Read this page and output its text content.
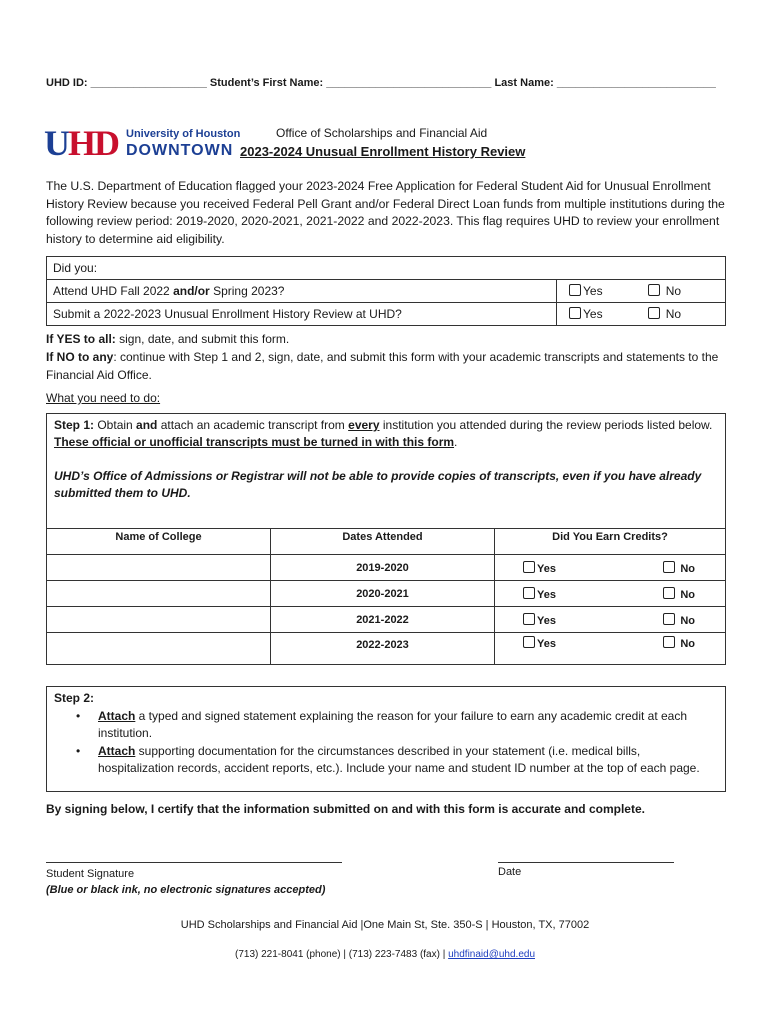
UHD ID: ___________________ Student’s First Name: ___________________________ Last Name: __________________________
U
H
D University of Houston
DOWNTOWN
Office of Scholarships and Financial Aid
2023-2024 Unusual Enrollment History Review
The U.S. Department of Education flagged your 2023-2024 Free Application for Federal Student Aid for Unusual Enrollment History Review because you received Federal Pell Grant and/or Federal Direct Loan funds from multiple institutions during the following review period: 2019-2020, 2020-2021, 2021-2022 and 2022-2023. This flag requires UHD to review your enrollment history to determine aid eligibility.
Did you:	
Attend UHD Fall 2022 and/or Spring 2023?	Yes No
Submit a 2022-2023 Unusual Enrollment History Review at UHD?	Yes No
If YES to all: sign, date, and submit this form.
If NO to any: continue with Step 1 and 2, sign, date, and submit this form with your academic transcripts and statements to the Financial Aid Office.
What you need to do:
Step 1: Obtain and attach an academic transcript from every institution you attended during the review periods listed below.
These official or unofficial transcripts must be turned in with this form.
UHD’s Office of Admissions or Registrar will not be able to provide copies of transcripts, even if you have already submitted them to UHD.
Name of College	Dates Attended	Did You Earn Credits?
	2019-2020	Yes No

	2020-2021	Yes No

	2021-2022	Yes No

	2022-2023	Yes No
Step 2:
• Attach a typed and signed statement explaining the reason for your failure to earn any academic credit at each institution.
• Attach supporting documentation for the circumstances described in your statement (i.e. medical bills, hospitalization records, accident reports, etc.). Include your name and student ID number at the top of each page.
By signing below, I certify that the information submitted on and with this form is accurate and complete.
Student Signature
(Blue or black ink, no electronic signatures accepted)
Date
UHD Scholarships and Financial Aid |One Main St, Ste. 350-S | Houston, TX, 77002
(713) 221-8041 (phone) | (713) 223-7483 (fax) | uhdfinaid@uhd.edu
